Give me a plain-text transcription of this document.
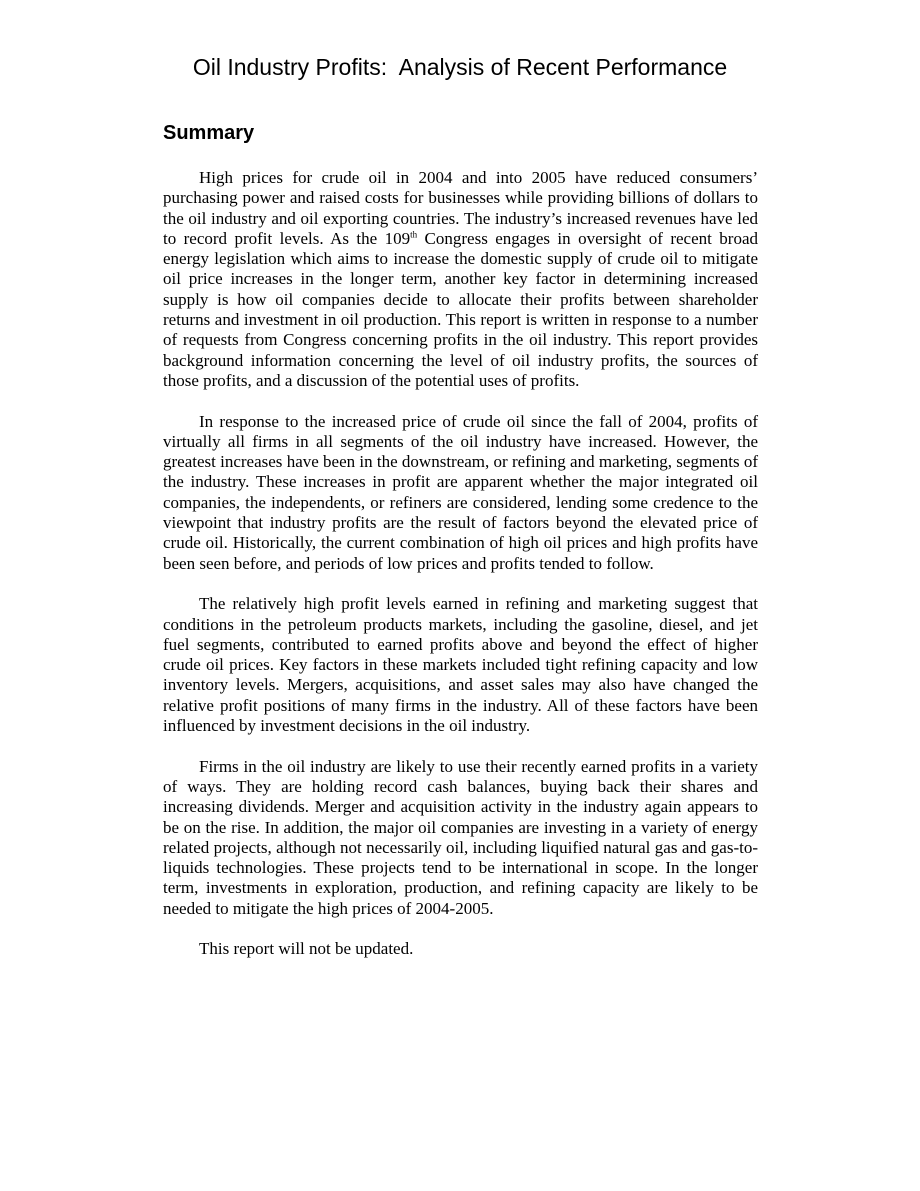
Oil Industry Profits:  Analysis of Recent Performance
Summary

High prices for crude oil in 2004 and into 2005 have reduced consumers’ purchasing power and raised costs for businesses while providing billions of dollars to the oil industry and oil exporting countries. The industry’s increased revenues have led to record profit levels. As the 109th Congress engages in oversight of recent broad energy legislation which aims to increase the domestic supply of crude oil to mitigate oil price increases in the longer term, another key factor in determining increased supply is how oil companies decide to allocate their profits between shareholder returns and investment in oil production. This report is written in response to a number of requests from Congress concerning profits in the oil industry. This report provides background information concerning the level of oil industry profits, the sources of those profits, and a discussion of the potential uses of profits.

In response to the increased price of crude oil since the fall of 2004, profits of virtually all firms in all segments of the oil industry have increased. However, the greatest increases have been in the downstream, or refining and marketing, segments of the industry. These increases in profit are apparent whether the major integrated oil companies, the independents, or refiners are considered, lending some credence to the viewpoint that industry profits are the result of factors beyond the elevated price of crude oil. Historically, the current combination of high oil prices and high profits have been seen before, and periods of low prices and profits tended to follow.

The relatively high profit levels earned in refining and marketing suggest that conditions in the petroleum products markets, including the gasoline, diesel, and jet fuel segments, contributed to earned profits above and beyond the effect of higher crude oil prices. Key factors in these markets included tight refining capacity and low inventory levels. Mergers, acquisitions, and asset sales may also have changed the relative profit positions of many firms in the industry. All of these factors have been influenced by investment decisions in the oil industry.

Firms in the oil industry are likely to use their recently earned profits in a variety of ways. They are holding record cash balances, buying back their shares and increasing dividends. Merger and acquisition activity in the industry again appears to be on the rise. In addition, the major oil companies are investing in a variety of energy related projects, although not necessarily oil, including liquified natural gas and gas-to-liquids technologies. These projects tend to be international in scope. In the longer term, investments in exploration, production, and refining capacity are likely to be needed to mitigate the high prices of 2004-2005.

This report will not be updated.
